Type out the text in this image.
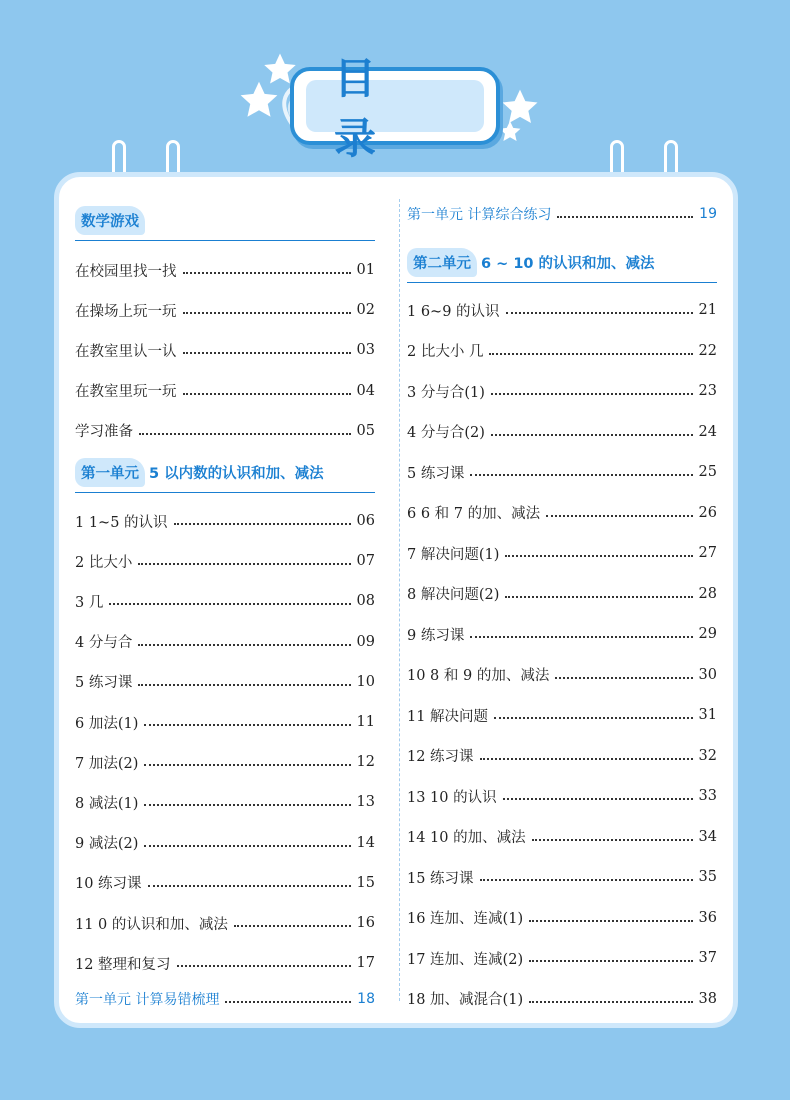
目 录
数学游戏
在校园里找一找	01
在操场上玩一玩	02
在教室里认一认	03
在教室里玩一玩	04
学习准备	05
第一单元 5 以内数的认识和加、减法
1 1~5 的认识	06
2 比大小	07
3 几	08
4 分与合	09
5 练习课	10
6 加法(1)	11
7 加法(2)	12
8 减法(1)	13
9 减法(2)	14
10 练习课	15
11 0 的认识和加、减法	16
12 整理和复习	17
第一单元 计算易错梳理	18
第一单元 计算综合练习	19
第二单元 6 ~ 10 的认识和加、减法
1 6~9 的认识	21
2 比大小 几	22
3 分与合(1)	23
4 分与合(2)	24
5 练习课	25
6 6 和 7 的加、减法	26
7 解决问题(1)	27
8 解决问题(2)	28
9 练习课	29
10 8 和 9 的加、减法	30
11 解决问题	31
12 练习课	32
13 10 的认识	33
14 10 的加、减法	34
15 练习课	35
16 连加、连减(1)	36
17 连加、连减(2)	37
18 加、减混合(1)	38
